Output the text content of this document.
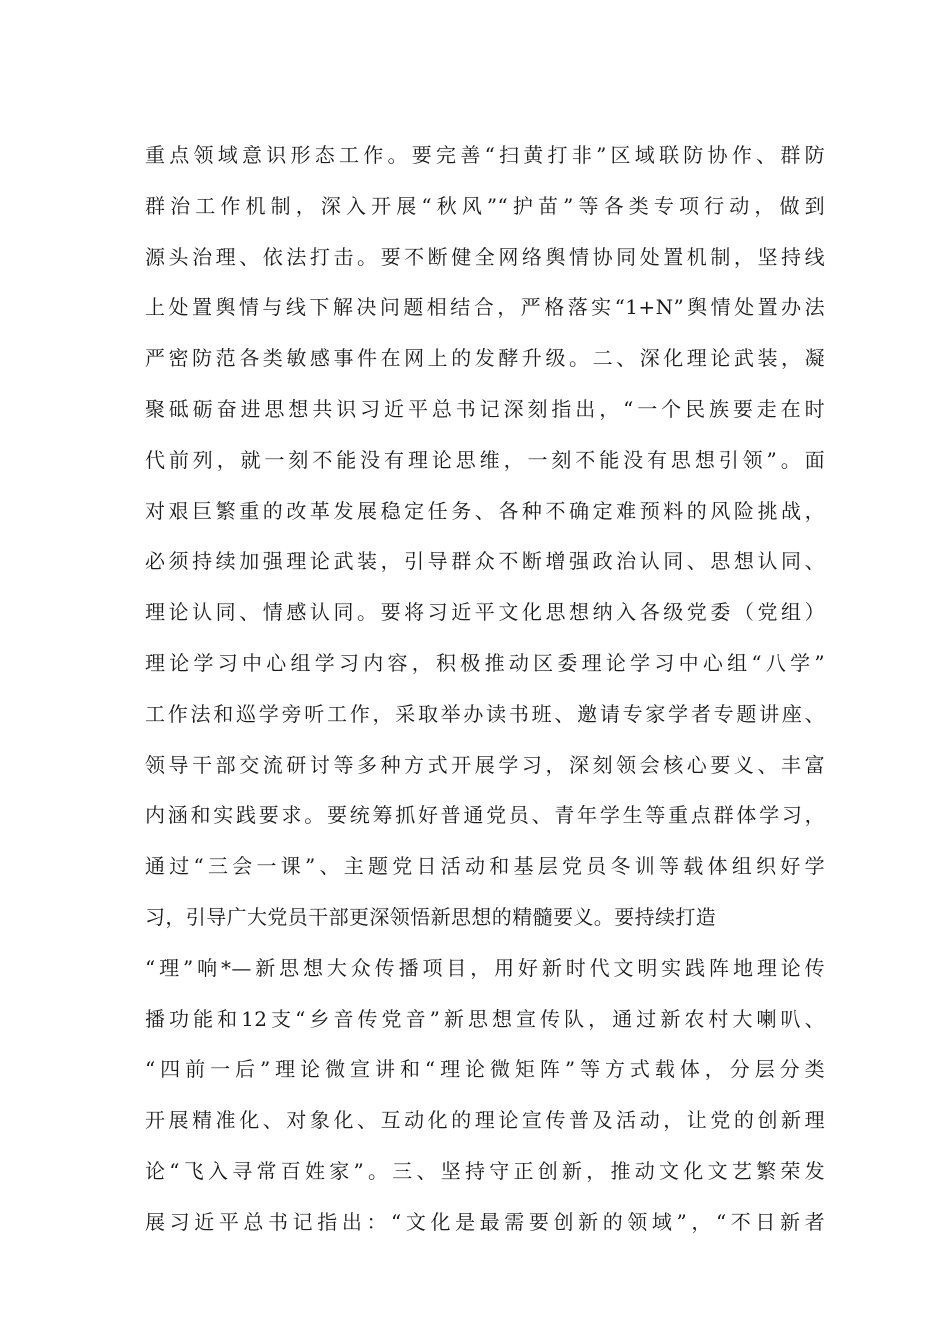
重点领域意识形态工作。要完善“扫黄打非”区域联防协作、群防
群治工作机制，深入开展“秋风”“护苗”等各类专项行动，做到
源头治理、依法打击。要不断健全网络舆情协同处置机制，坚持线
上处置舆情与线下解决问题相结合，严格落实“1+N”舆情处置办法
严密防范各类敏感事件在网上的发酵升级。二、深化理论武装，凝
聚砥砺奋进思想共识习近平总书记深刻指出，“一个民族要走在时
代前列，就一刻不能没有理论思维，一刻不能没有思想引领”。面
对艰巨繁重的改革发展稳定任务、各种不确定难预料的风险挑战，
必须持续加强理论武装，引导群众不断增强政治认同、思想认同、
理论认同、情感认同。要将习近平文化思想纳入各级党委（党组）
理论学习中心组学习内容，积极推动区委理论学习中心组“八学”
工作法和巡学旁听工作，采取举办读书班、邀请专家学者专题讲座、
领导干部交流研讨等多种方式开展学习，深刻领会核心要义、丰富
内涵和实践要求。要统筹抓好普通党员、青年学生等重点群体学习，
通过“三会一课”、主题党日活动和基层党员冬训等载体组织好学
习，引导广大党员干部更深领悟新思想的精髓要义。要持续打造
“理”响*—新思想大众传播项目，用好新时代文明实践阵地理论传
播功能和12支“乡音传党音”新思想宣传队，通过新农村大喇叭、
“四前一后”理论微宣讲和“理论微矩阵”等方式载体，分层分类
开展精准化、对象化、互动化的理论宣传普及活动，让党的创新理
论“飞入寻常百姓家”。三、坚持守正创新，推动文化文艺繁荣发
展习近平总书记指出：“文化是最需要创新的领域”，“不日新者
